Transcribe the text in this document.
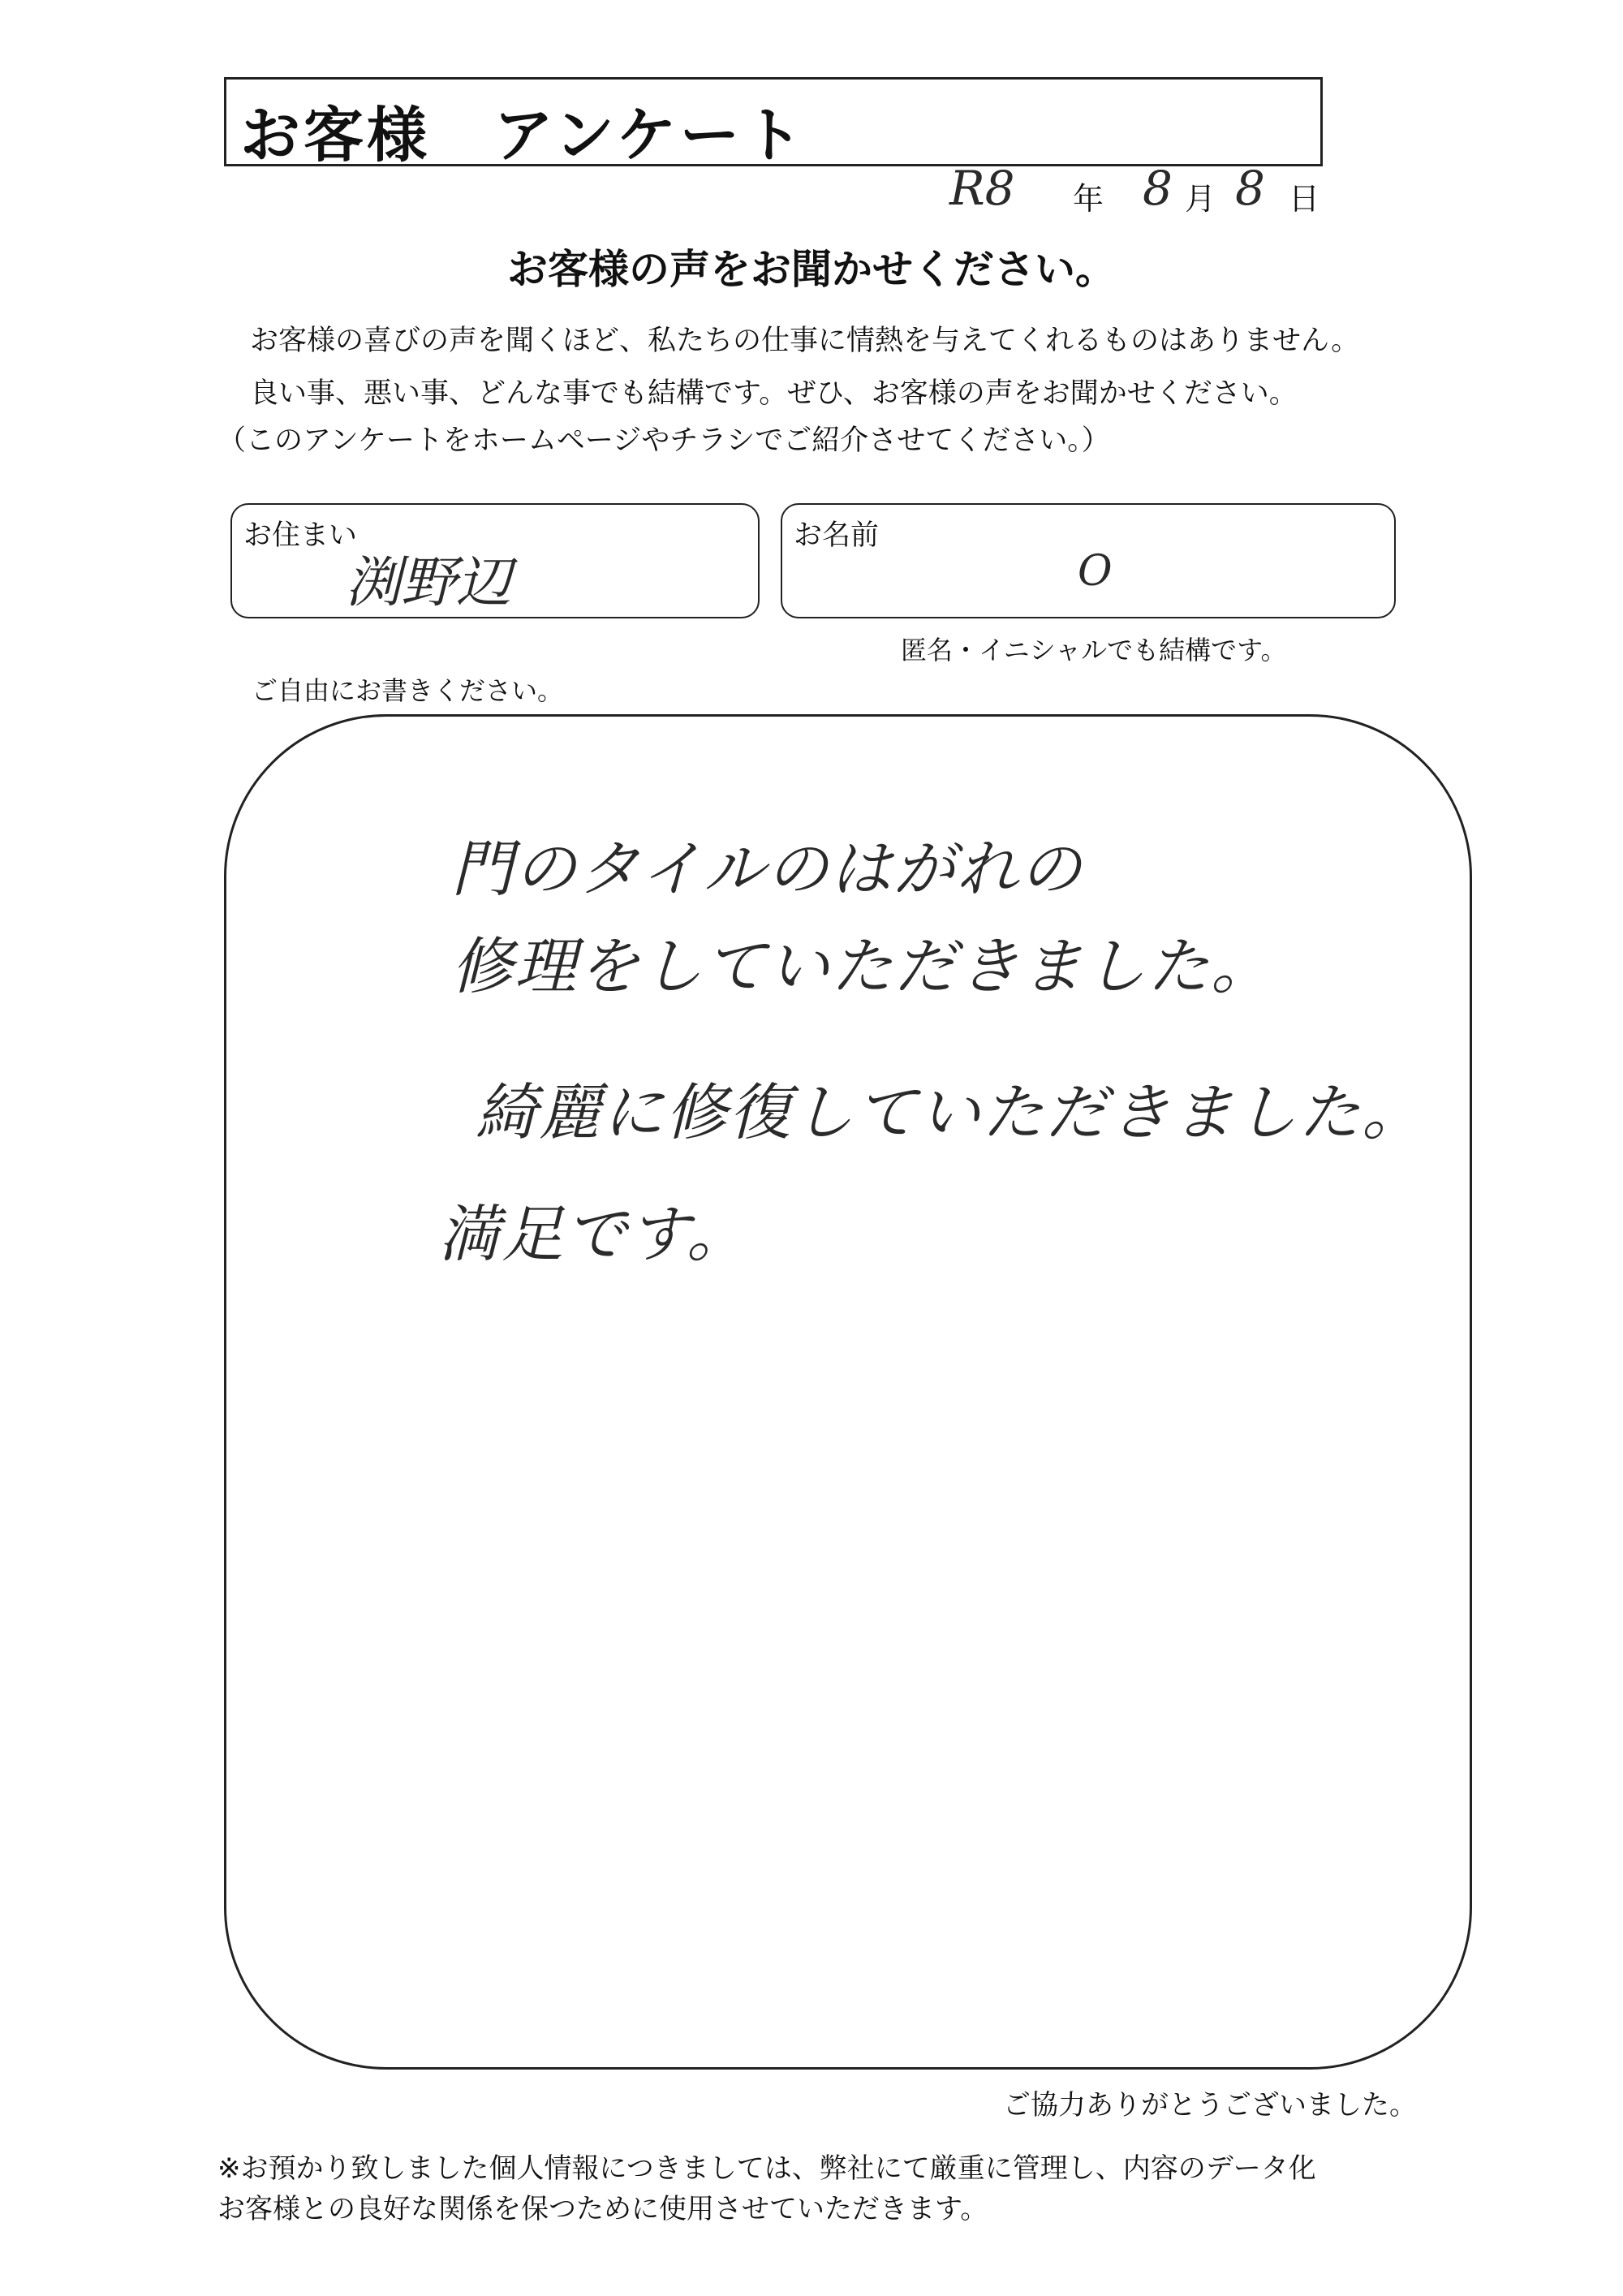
お客様　アンケート
R8 年 8 月 8 日
お客様の声をお聞かせください。
お客様の喜びの声を聞くほど、私たちの仕事に情熱を与えてくれるものはありません。
良い事、悪い事、どんな事でも結構です。ぜひ、お客様の声をお聞かせください。
（このアンケートをホームページやチラシでご紹介させてください。）
お住まい
渕野辺
お名前
O
匿名・イニシャルでも結構です。
ご自由にお書きください。
門のタイルのはがれの
修理をしていただきました。
綺麗に修復していただきました。
満足です。
ご協力ありがとうございました。
※お預かり致しました個人情報につきましては、弊社にて厳重に管理し、内容のデータ化
お客様との良好な関係を保つために使用させていただきます。
